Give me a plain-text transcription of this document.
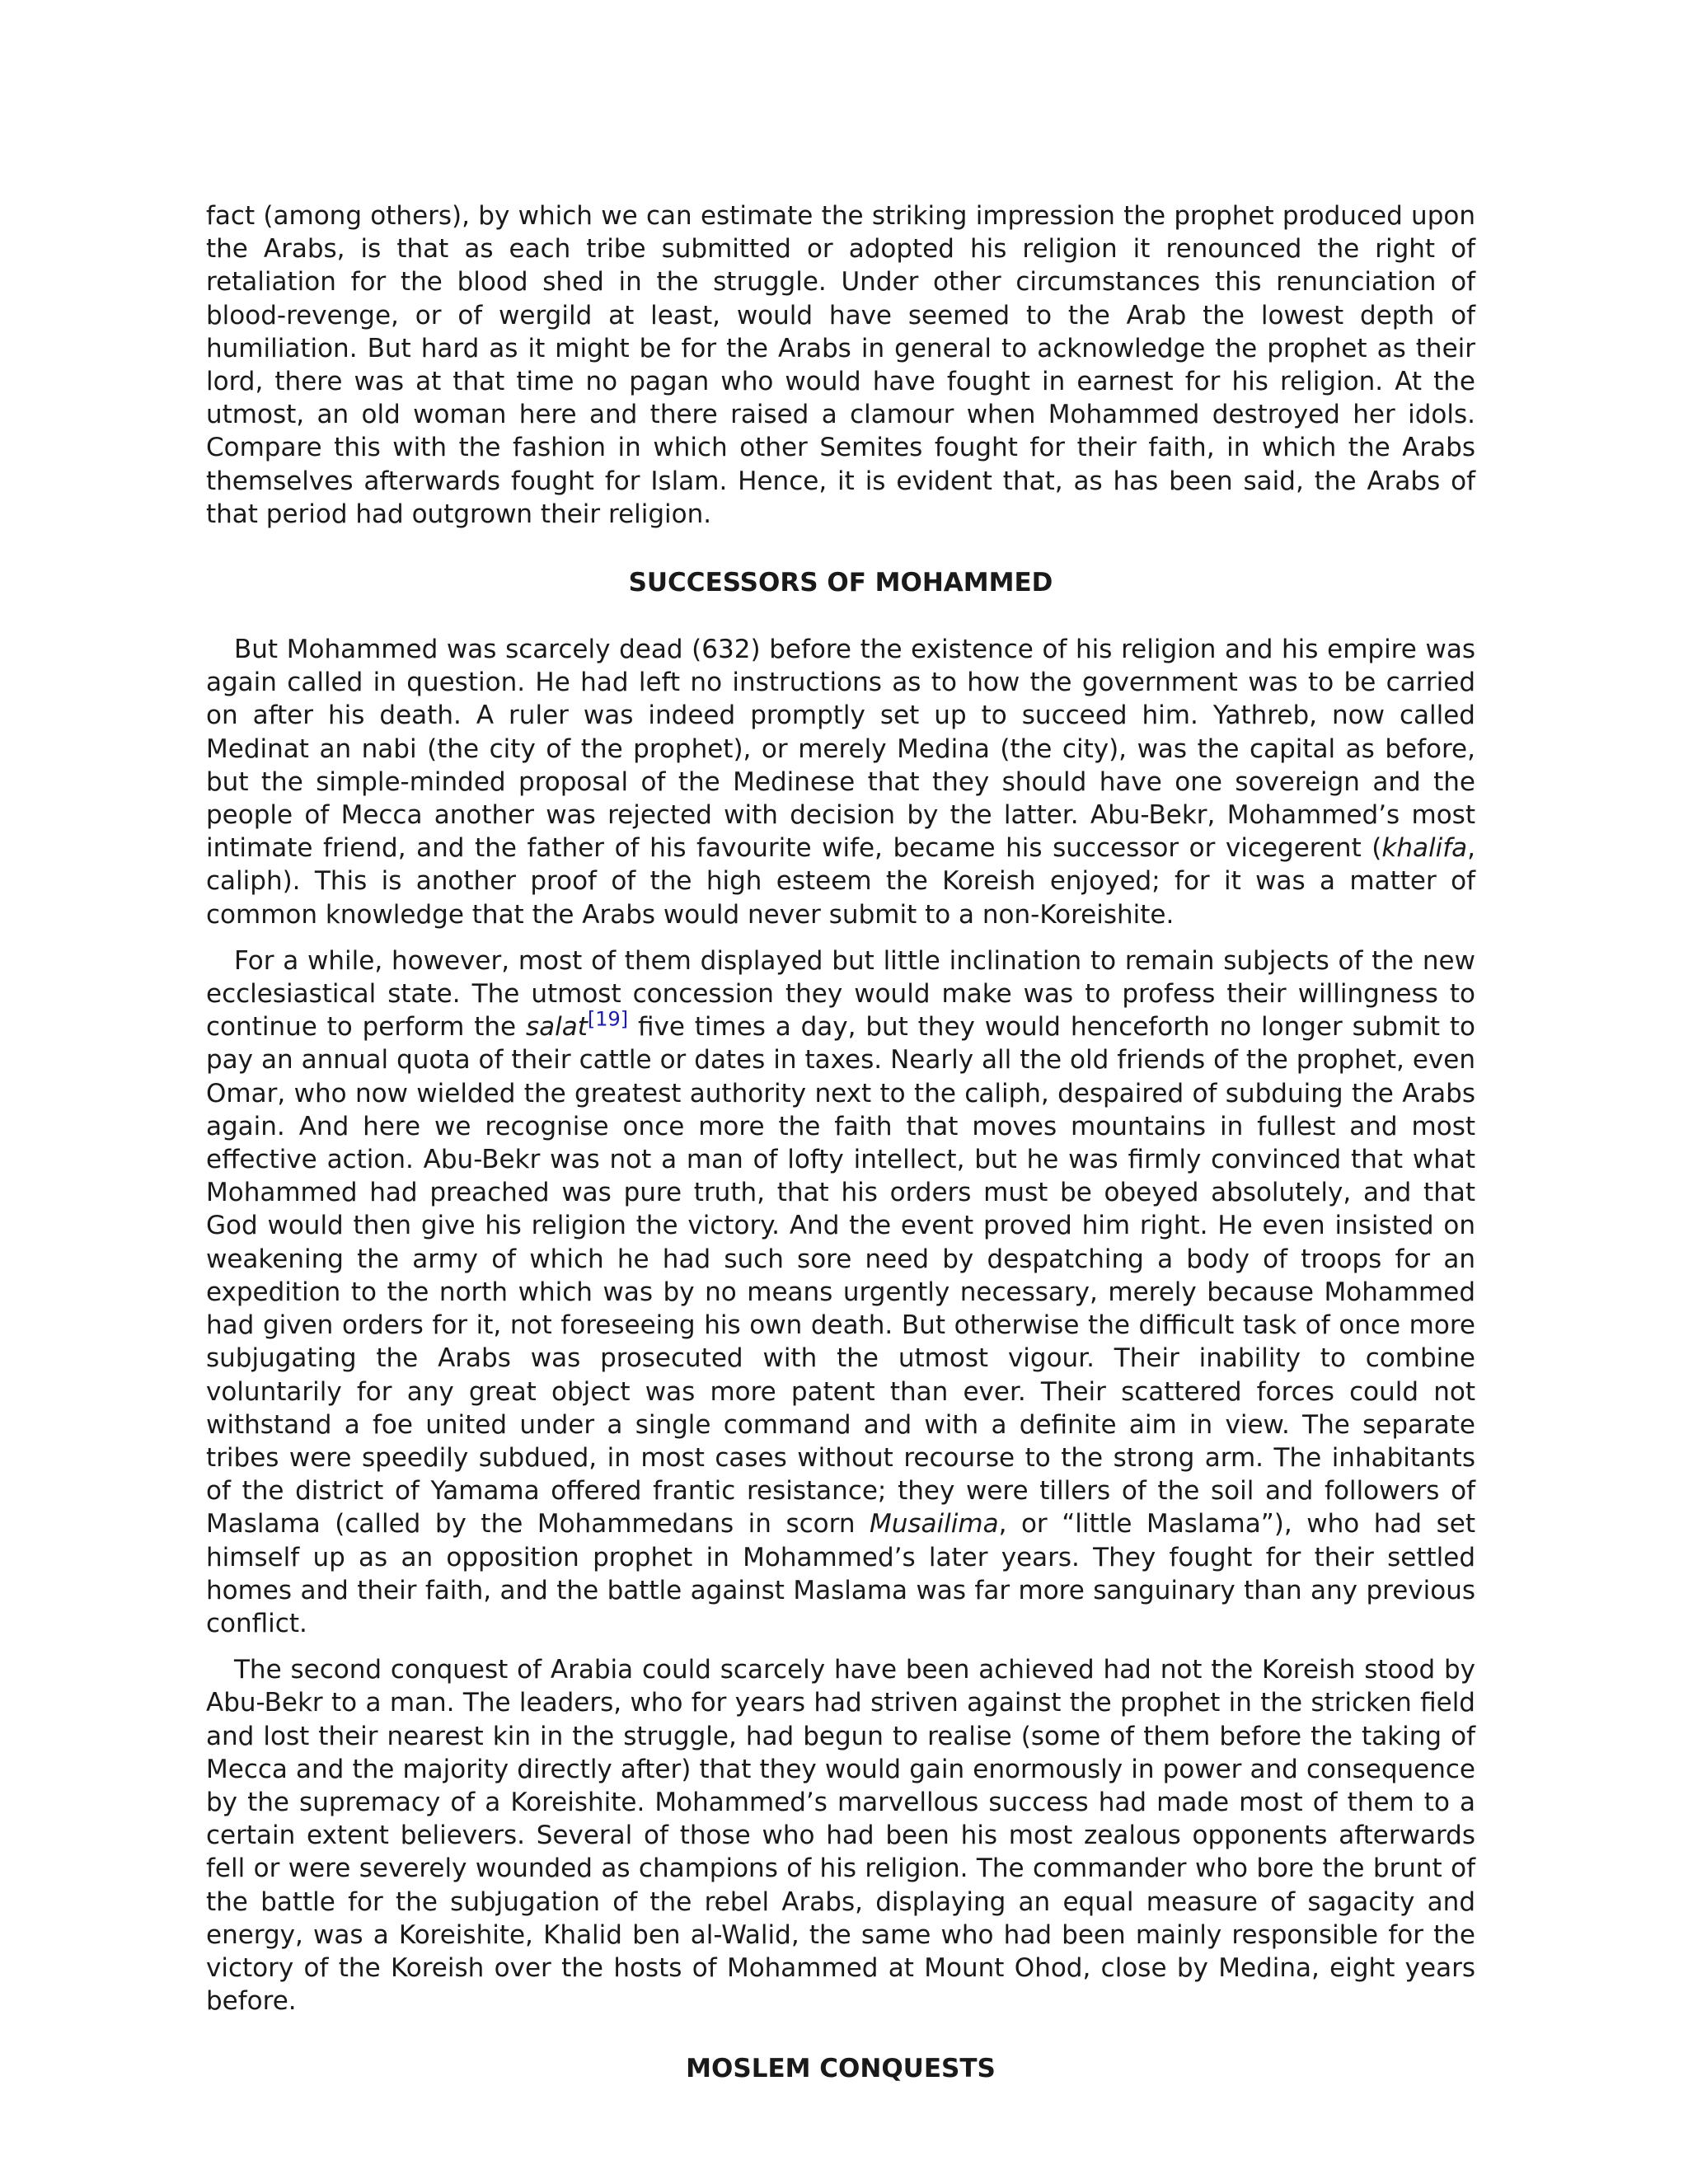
fact (among others), by which we can estimate the striking impression the prophet produced upon the Arabs, is that as each tribe submitted or adopted his religion it renounced the right of retaliation for the blood shed in the struggle. Under other circumstances this renunciation of blood-revenge, or of wergild at least, would have seemed to the Arab the lowest depth of humiliation. But hard as it might be for the Arabs in general to acknowledge the prophet as their lord, there was at that time no pagan who would have fought in earnest for his religion. At the utmost, an old woman here and there raised a clamour when Mohammed destroyed her idols. Compare this with the fashion in which other Semites fought for their faith, in which the Arabs themselves afterwards fought for Islam. Hence, it is evident that, as has been said, the Arabs of that period had outgrown their religion.

SUCCESSORS OF MOHAMMED

But Mohammed was scarcely dead (632) before the existence of his religion and his empire was again called in question. He had left no instructions as to how the government was to be carried on after his death. A ruler was indeed promptly set up to succeed him. Yathreb, now called Medinat an nabi (the city of the prophet), or merely Medina (the city), was the capital as before, but the simple-minded proposal of the Medinese that they should have one sovereign and the people of Mecca another was rejected with decision by the latter. Abu-Bekr, Mohammed’s most intimate friend, and the father of his favourite wife, became his successor or vicegerent (khalifa, caliph). This is another proof of the high esteem the Koreish enjoyed; for it was a matter of common knowledge that the Arabs would never submit to a non-Koreishite.

For a while, however, most of them displayed but little inclination to remain subjects of the new ecclesiastical state. The utmost concession they would make was to profess their willingness to continue to perform the salat[19] five times a day, but they would henceforth no longer submit to pay an annual quota of their cattle or dates in taxes. Nearly all the old friends of the prophet, even Omar, who now wielded the greatest authority next to the caliph, despaired of subduing the Arabs again. And here we recognise once more the faith that moves mountains in fullest and most effective action. Abu-Bekr was not a man of lofty intellect, but he was firmly convinced that what Mohammed had preached was pure truth, that his orders must be obeyed absolutely, and that God would then give his religion the victory. And the event proved him right. He even insisted on weakening the army of which he had such sore need by despatching a body of troops for an expedition to the north which was by no means urgently necessary, merely because Mohammed had given orders for it, not foreseeing his own death. But otherwise the difficult task of once more subjugating the Arabs was prosecuted with the utmost vigour. Their inability to combine voluntarily for any great object was more patent than ever. Their scattered forces could not withstand a foe united under a single command and with a definite aim in view. The separate tribes were speedily subdued, in most cases without recourse to the strong arm. The inhabitants of the district of Yamama offered frantic resistance; they were tillers of the soil and followers of Maslama (called by the Mohammedans in scorn Musailima, or “little Maslama”), who had set himself up as an opposition prophet in Mohammed’s later years. They fought for their settled homes and their faith, and the battle against Maslama was far more sanguinary than any previous conflict.

The second conquest of Arabia could scarcely have been achieved had not the Koreish stood by Abu-Bekr to a man. The leaders, who for years had striven against the prophet in the stricken field and lost their nearest kin in the struggle, had begun to realise (some of them before the taking of Mecca and the majority directly after) that they would gain enormously in power and consequence by the supremacy of a Koreishite. Mohammed’s marvellous success had made most of them to a certain extent believers. Several of those who had been his most zealous opponents afterwards fell or were severely wounded as champions of his religion. The commander who bore the brunt of the battle for the subjugation of the rebel Arabs, displaying an equal measure of sagacity and energy, was a Koreishite, Khalid ben al-Walid, the same who had been mainly responsible for the victory of the Koreish over the hosts of Mohammed at Mount Ohod, close by Medina, eight years before.

MOSLEM CONQUESTS
